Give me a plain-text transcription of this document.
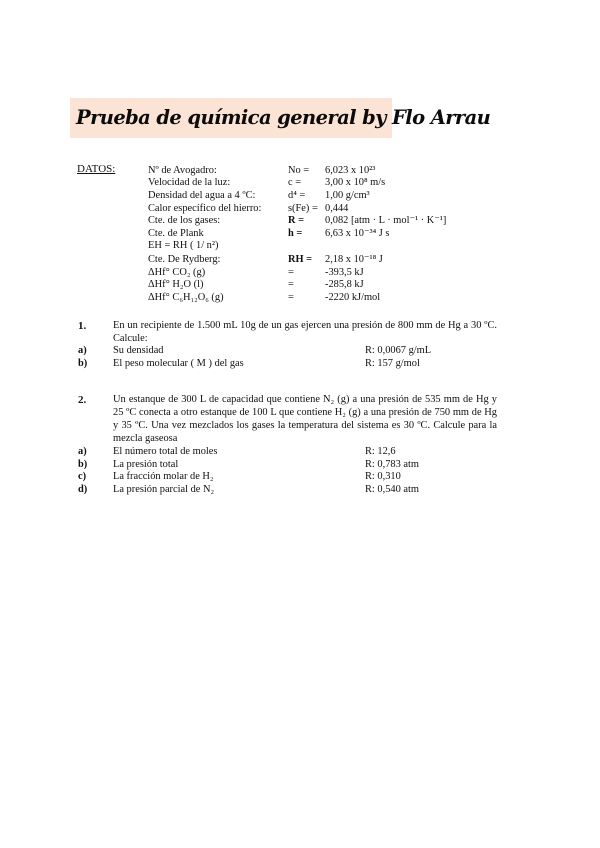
Prueba de química general by Flo Arrau
DATOS:	Nº de Avogadro:	No = 6,023 x 10²³
Velocidad de la luz:	c = 3,00 x 10⁸ m/s
Densidad del agua a 4 ºC:	d⁴ = 1,00 g/cm³
Calor específico del hierro:	s(Fe) = 0,444
Cte. de los gases:	R = 0,082 [atm · L · mol⁻¹ · K⁻¹]
Cte. de Plank	h = 6,63 x 10⁻³⁴ J s
EH = RH ( 1/ n²)
Cte. De Rydberg:	RH = 2,18 x 10⁻¹⁸ J
ΔHf° CO₂ (g)	=	-393,5 kJ
ΔHf° H₂O (l)	=	-285,8 kJ
ΔHf° C₆H₁₂O₆ (g)	=	-2220 kJ/mol
1.	En un recipiente de 1.500 mL 10g de un gas ejercen una presión de 800 mm de Hg a 30 ºC. Calcule:
a)	Su densidad	R: 0,0067 g/mL
b) El peso molecular ( M ) del gas	R: 157 g/mol
2.	Un estanque de 300 L de capacidad que contiene N₂ (g) a una presión de 535 mm de Hg y 25 ºC conecta a otro estanque de 100 L que contiene H₂ (g) a una presión de 750 mm de Hg y 35 ºC. Una vez mezclados los gases la temperatura del sistema es 30 ºC. Calcule para la mezcla gaseosa
a)	El número total de moles	R: 12,6
b) La presión total	R: 0,783 atm
c)	La fracción molar de H₂	R: 0,310
d) La presión parcial de N₂	R: 0,540 atm
